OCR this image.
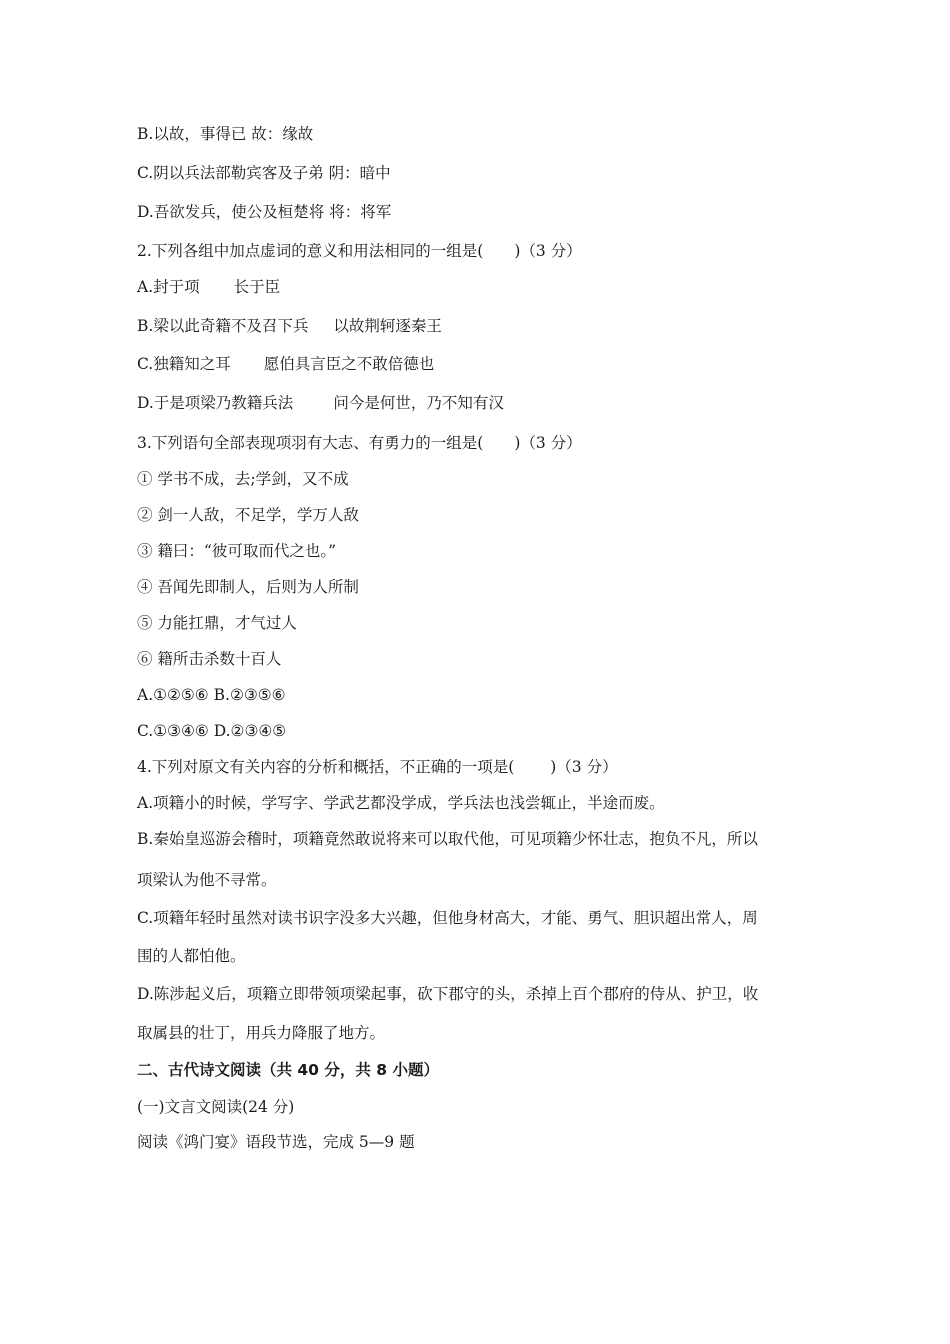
B.以故，事得已 故：缘故
C.阴以兵法部勒宾客及子弟 阴：暗中
D.吾欲发兵，使公及桓楚将 将：将军
2.下列各组中加点虚词的意义和用法相同的一组是(　　)（3 分）
A.封于项 长于臣
B.梁以此奇籍不及召下兵 以故荆轲逐秦王
C.独籍知之耳 愿伯具言臣之不敢倍德也
D.于是项梁乃教籍兵法	问今是何世，乃不知有汉
3.下列语句全部表现项羽有大志、有勇力的一组是(　　)（3 分）
① 学书不成，去;学剑，又不成
② 剑一人敌，不足学，学万人敌
③ 籍曰：“彼可取而代之也。”
④ 吾闻先即制人，后则为人所制
⑤ 力能扛鼎，才气过人
⑥ 籍所击杀数十百人
A.①②⑤⑥ B.②③⑤⑥
C.①③④⑥ D.②③④⑤
4.下列对原文有关内容的分析和概括，不正确的一项是(　　 )（3 分）
A.项籍小的时候，学写字、学武艺都没学成，学兵法也浅尝辄止，半途而废。
B.秦始皇巡游会稽时，项籍竟然敢说将来可以取代他，可见项籍少怀壮志，抱负不凡，所以
项梁认为他不寻常。
C.项籍年轻时虽然对读书识字没多大兴趣，但他身材高大，才能、勇气、胆识超出常人，周
围的人都怕他。
D.陈涉起义后，项籍立即带领项梁起事，砍下郡守的头，杀掉上百个郡府的侍从、护卫，收
取属县的壮丁，用兵力降服了地方。
二、古代诗文阅读（共 40 分，共 8 小题）
(一)文言文阅读(24 分)
阅读《鸿门宴》语段节选，完成 5—9 题
